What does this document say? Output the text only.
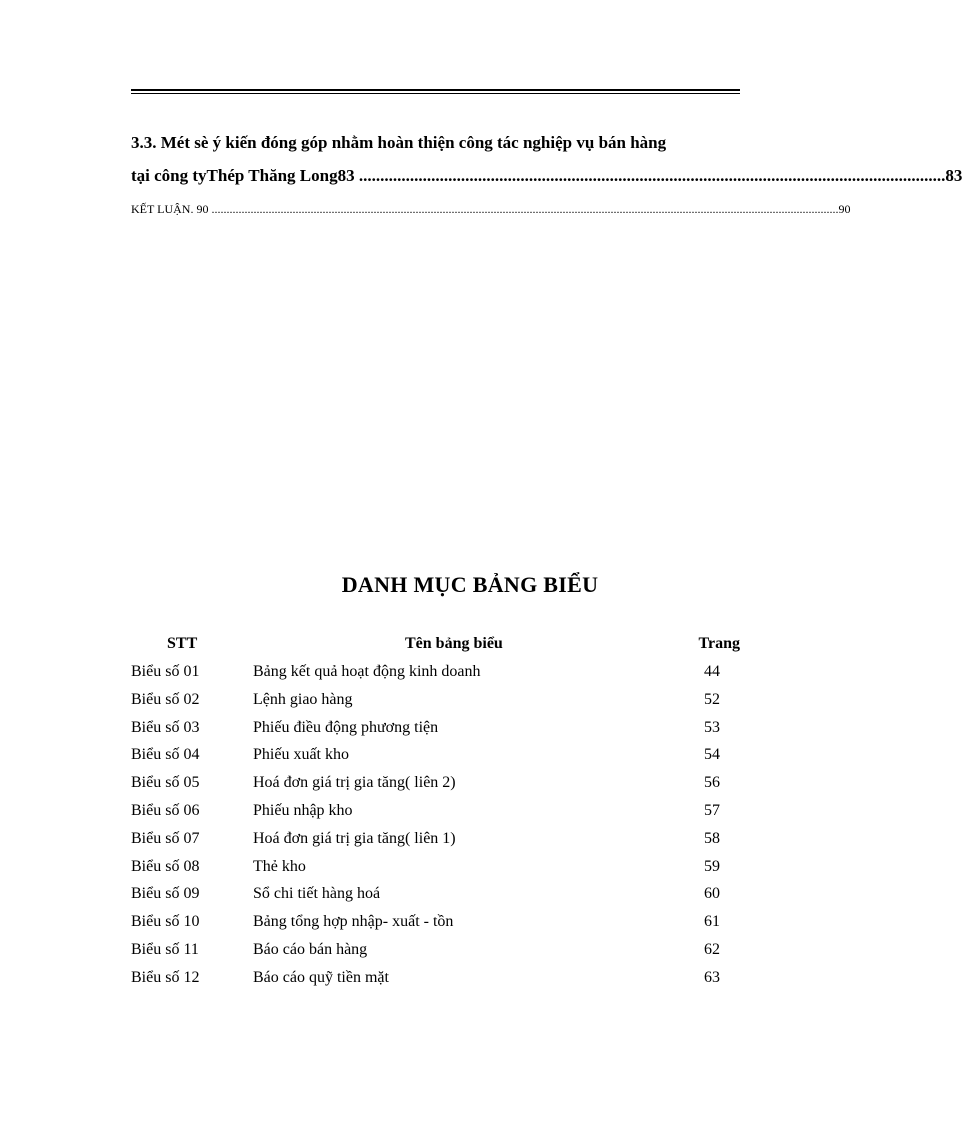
3.3. Mét sè ý kiến đóng góp nhằm hoàn thiện công tác nghiệp vụ bán hàng
tại công tyThép Thăng Long83 .......................................................................................................................................... 83
KẾT LUẬN. 90 ................................................................................................................................................................................................................. 90
DANH MỤC BẢNG BIỂU
STT	Tên bảng biểu	Trang
Biểu số 01	Bảng kết quả hoạt động kinh doanh	44
Biểu số 02	Lệnh giao hàng	52
Biểu số 03	Phiếu điều động phương tiện	53
Biểu số 04	Phiếu xuất kho	54
Biểu số 05	Hoá đơn giá trị gia tăng( liên 2)	56
Biểu số 06	Phiếu nhập kho	57
Biểu số 07	Hoá đơn giá trị gia tăng( liên 1)	58
Biểu số 08	Thẻ kho	59
Biểu số 09	Sổ chi tiết hàng hoá	60
Biểu số 10	Bảng tổng hợp nhập- xuất - tồn	61
Biểu số 11	Báo cáo bán hàng	62
Biểu số 12	Báo cáo quỹ tiền mặt	63
